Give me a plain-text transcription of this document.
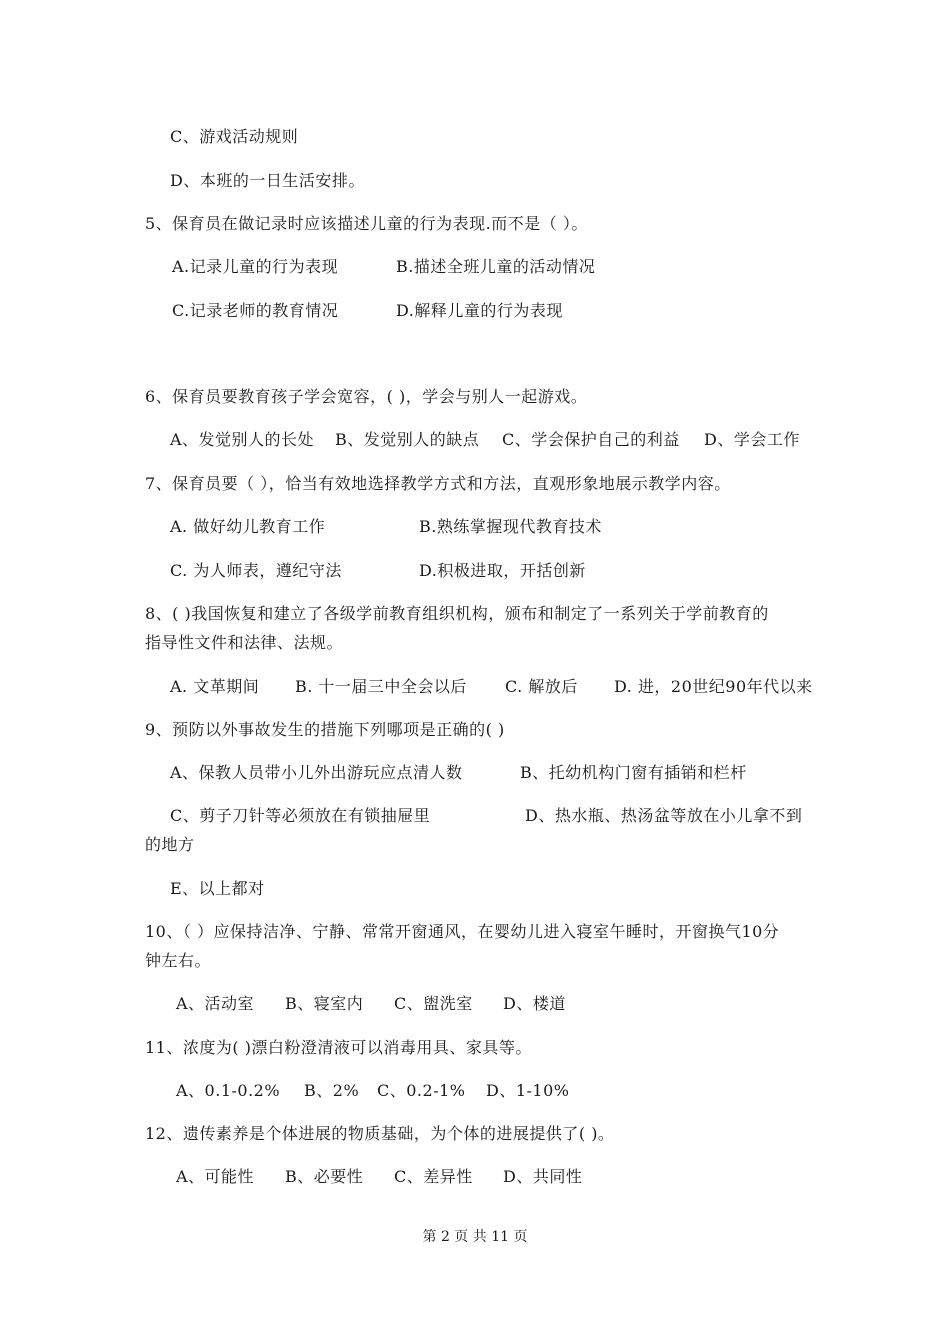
C、游戏活动规则
D、本班的一日生活安排。
5、保育员在做记录时应该描述儿童的行为表现.而不是（ ）。
A.记录儿童的行为表现	B.描述全班儿童的活动情况
C.记录老师的教育情况	D.解释儿童的行为表现
6、保育员要教育孩子学会宽容，( )，学会与别人一起游戏。
A、发觉别人的长处 B、发觉别人的缺点 C、学会保护自己的利益 D、学会工作
7、保育员要（ ），恰当有效地选择教学方式和方法，直观形象地展示教学内容。
A. 做好幼儿教育工作	B.熟练掌握现代教育技术
C. 为人师表，遵纪守法	D.积极进取，开括创新
8、( )我国恢复和建立了各级学前教育组织机构，颁布和制定了一系列关于学前教育的
指导性文件和法律、法规。
A. 文革期间 B. 十一届三中全会以后 C. 解放后 D. 进，20世纪90年代以来
9、预防以外事故发生的措施下列哪项是正确的( )
A、保教人员带小儿外出游玩应点清人数	B、托幼机构门窗有插销和栏杆
C、剪子刀针等必须放在有锁抽屉里	D、热水瓶、热汤盆等放在小儿拿不到
的地方
E、以上都对
10、（ ）应保持洁净、宁静、常常开窗通风，在婴幼儿进入寝室午睡时，开窗换气10分
钟左右。
A、活动室 B、寝室内 C、盥洗室 D、楼道
11、浓度为( )漂白粉澄清液可以消毒用具、家具等。
A、0.1-0.2% B、2% C、0.2-1% D、1-10%
12、遗传素养是个体进展的物质基础，为个体的进展提供了( )。
A、可能性 B、必要性 C、差异性 D、共同性
第 2 页 共 11 页
